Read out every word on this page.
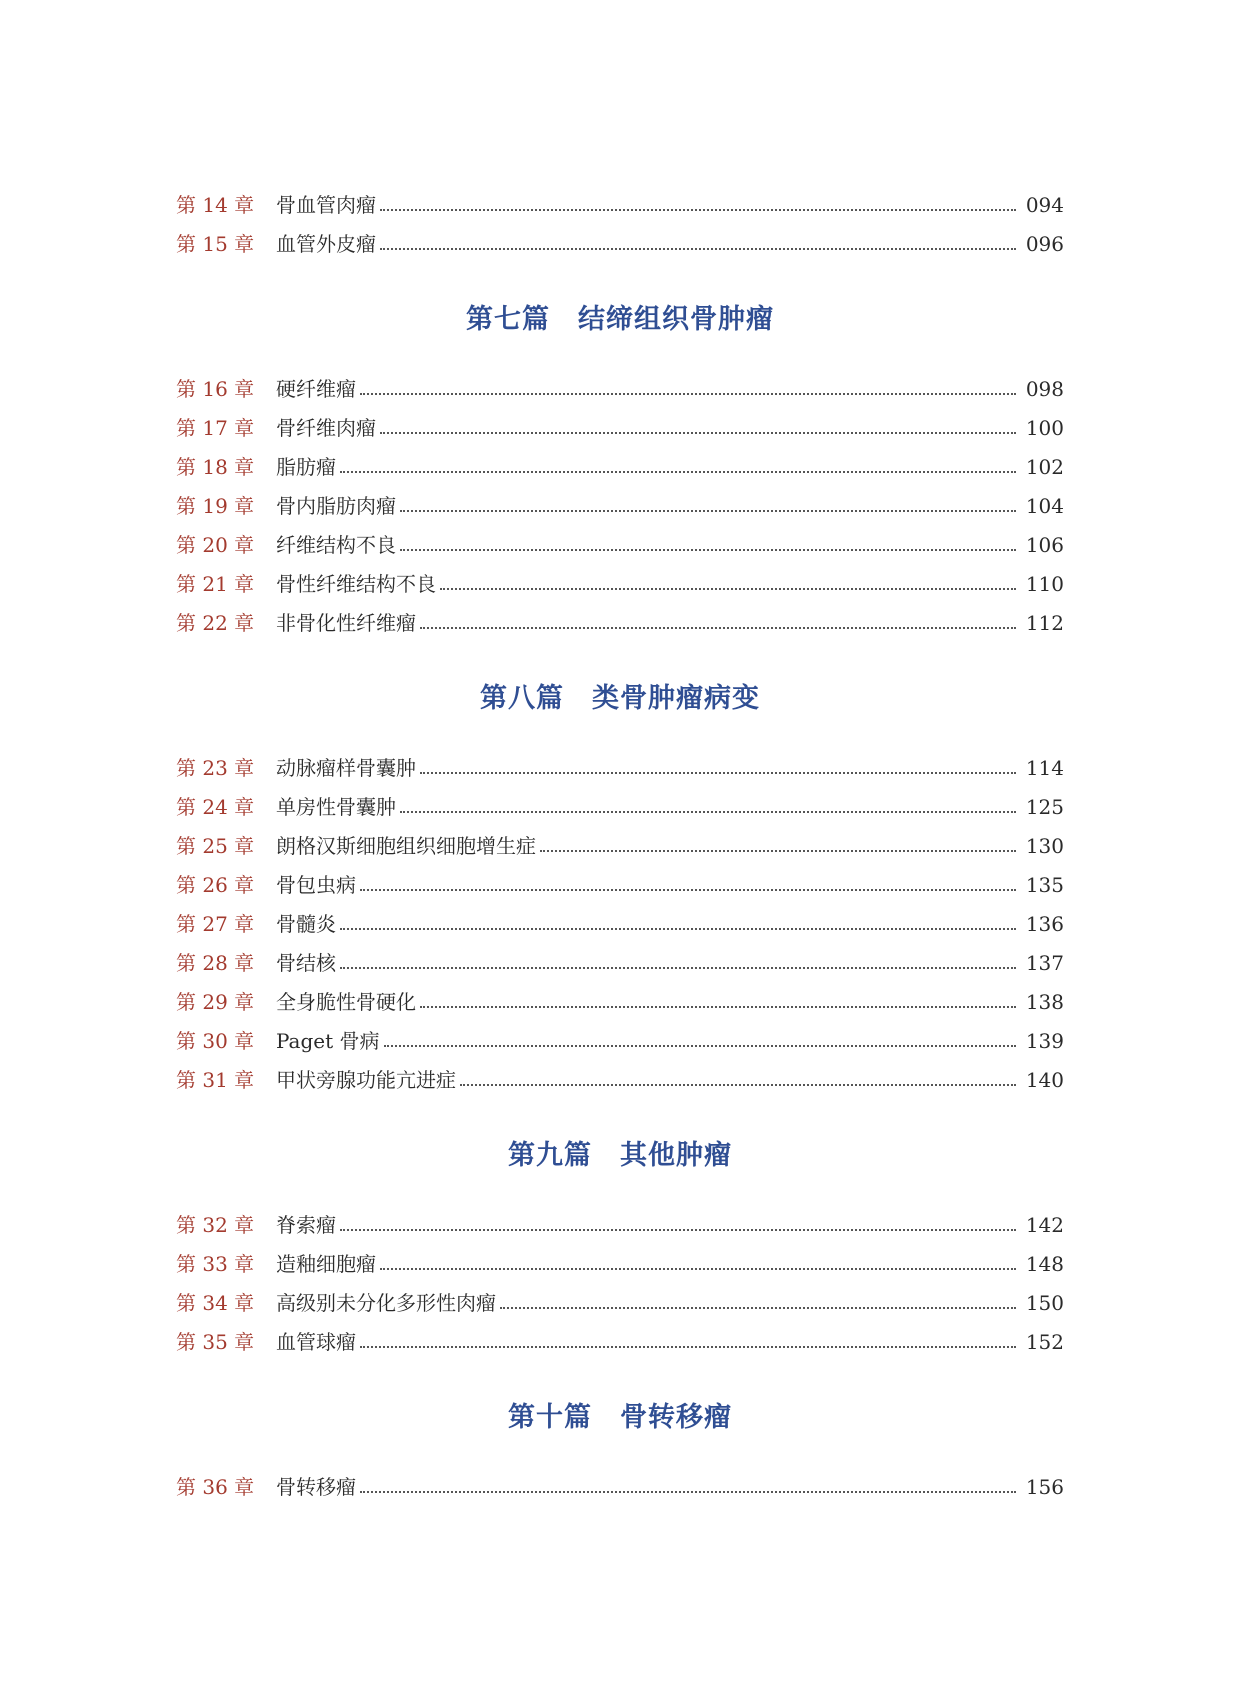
第 14 章	骨血管肉瘤	094
第 15 章	血管外皮瘤	096
第七篇　结缔组织骨肿瘤
第 16 章	硬纤维瘤	098
第 17 章	骨纤维肉瘤	100
第 18 章	脂肪瘤	102
第 19 章	骨内脂肪肉瘤	104
第 20 章	纤维结构不良	106
第 21 章	骨性纤维结构不良	110
第 22 章	非骨化性纤维瘤	112
第八篇　类骨肿瘤病变
第 23 章	动脉瘤样骨囊肿	114
第 24 章	单房性骨囊肿	125
第 25 章	朗格汉斯细胞组织细胞增生症	130
第 26 章	骨包虫病	135
第 27 章	骨髓炎	136
第 28 章	骨结核	137
第 29 章	全身脆性骨硬化	138
第 30 章	Paget 骨病	139
第 31 章	甲状旁腺功能亢进症	140
第九篇　其他肿瘤
第 32 章	脊索瘤	142
第 33 章	造釉细胞瘤	148
第 34 章	高级别未分化多形性肉瘤	150
第 35 章	血管球瘤	152
第十篇　骨转移瘤
第 36 章	骨转移瘤	156
